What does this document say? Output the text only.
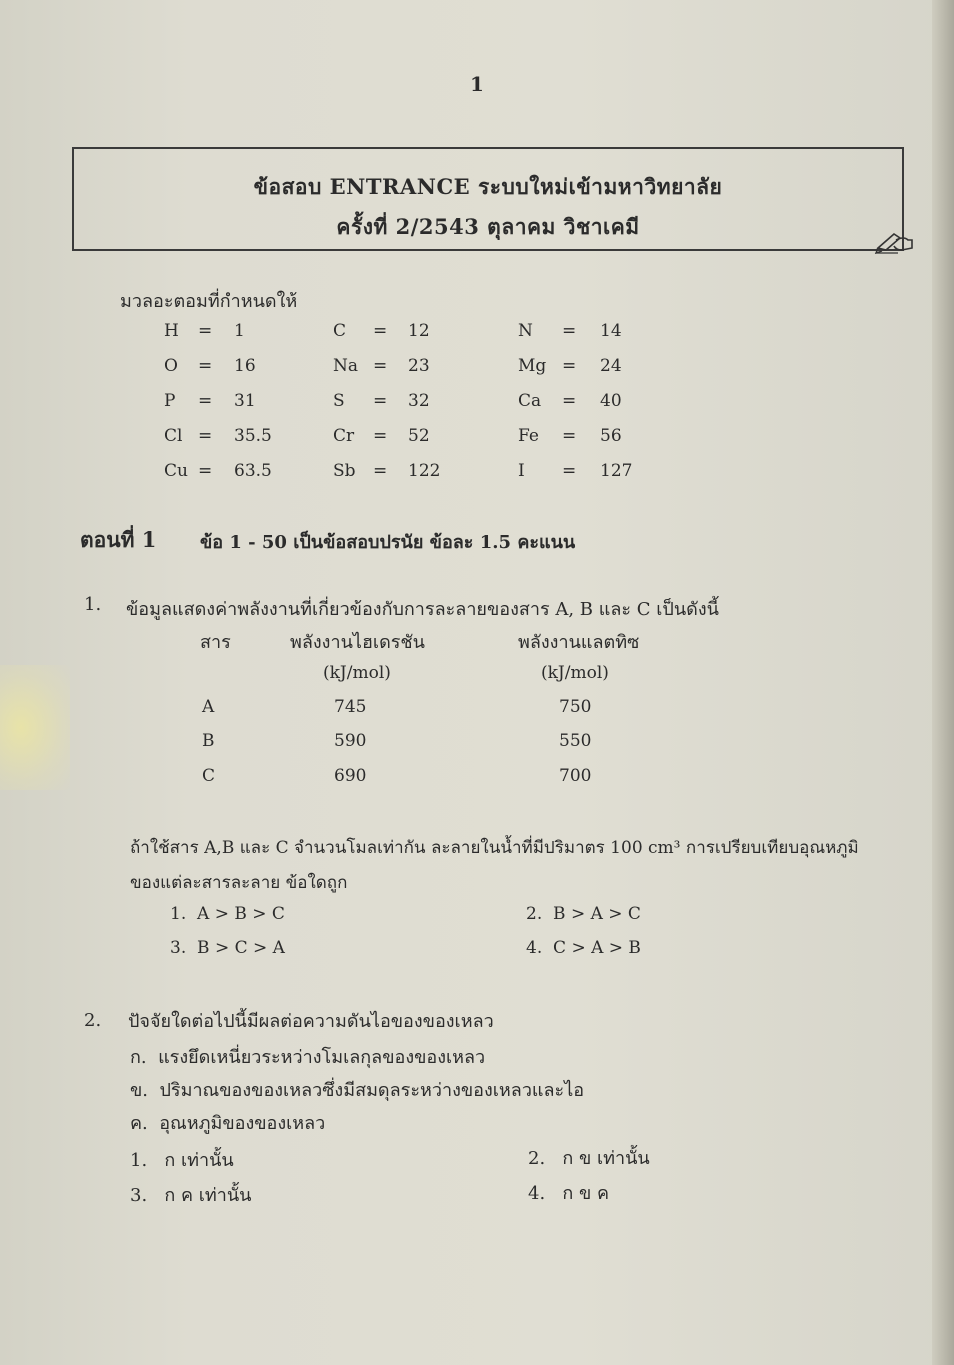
1
ข้อสอบ ENTRANCE ระบบใหม่เข้ามหาวิทยาลัย
ครั้งที่ 2/2543 ตุลาคม วิชาเคมี
มวลอะตอมที่กำหนดให้
H = 1	C = 12	N = 14
O = 16	Na = 23	Mg = 24
P = 31	S = 32	Ca = 40
Cl = 35.5	Cr = 52	Fe = 56
Cu = 63.5	Sb = 122	I = 127
ตอนที่ 1 ข้อ 1 - 50 เป็นข้อสอบปรนัย ข้อละ 1.5 คะแนน
1. ข้อมูลแสดงค่าพลังงานที่เกี่ยวข้องกับการละลายของสาร A, B และ C เป็นดังนี้
สาร	พลังงานไฮเดรชัน	พลังงานแลตทิซ
(kJ/mol)	(kJ/mol)
A	745	750
B	590	550
C	690	700
ถ้าใช้สาร A,B และ C จำนวนโมลเท่ากัน ละลายในน้ำที่มีปริมาตร 100 cm³ การเปรียบเทียบอุณหภูมิ
ของแต่ละสารละลาย ข้อใดถูก
1. A > B > C	2. B > A > C
3. B > C > A	4. C > A > B
2. ปัจจัยใดต่อไปนี้มีผลต่อความดันไอของของเหลว
ก. แรงยึดเหนี่ยวระหว่างโมเลกุลของของเหลว
ข. ปริมาณของของเหลวซึ่งมีสมดุลระหว่างของเหลวและไอ
ค. อุณหภูมิของของเหลว
1. ก เท่านั้น	2. ก ข เท่านั้น
3. ก ค เท่านั้น	4. ก ข ค
